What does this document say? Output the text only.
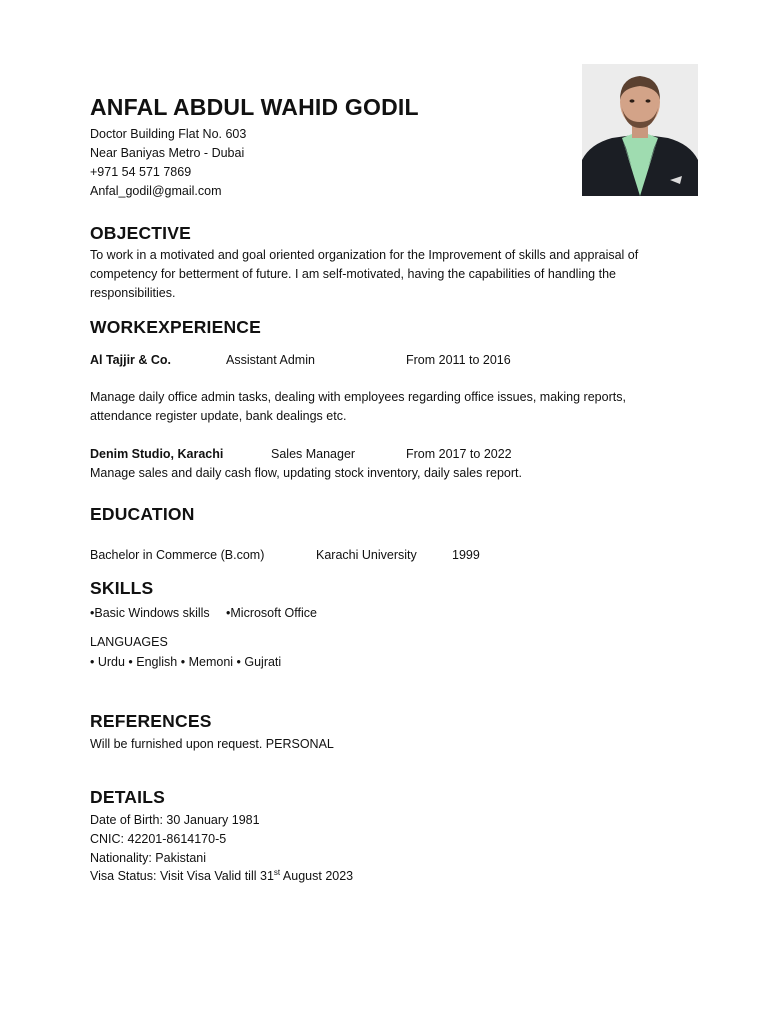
ANFAL ABDUL WAHID GODIL
Doctor Building Flat No. 603
Near Baniyas Metro - Dubai
+971 54 571 7869
Anfal_godil@gmail.com
OBJECTIVE
To work in a motivated and goal oriented organization for the Improvement of skills and appraisal of competency for betterment of future. I am self-motivated, having the capabilities of handling the responsibilities.
WORKEXPERIENCE
Al Tajjir & Co.	Assistant Admin	From 2011 to 2016
Manage daily office admin tasks, dealing with employees regarding office issues, making reports, attendance register update, bank dealings etc.
Denim Studio, Karachi	Sales Manager	From 2017 to 2022
Manage sales and daily cash flow, updating stock inventory, daily sales report.
EDUCATION
Bachelor in Commerce (B.com)	Karachi University	1999
SKILLS
•Basic Windows skills •Microsoft Office
LANGUAGES
• Urdu • English • Memoni • Gujrati
REFERENCES
Will be furnished upon request. PERSONAL
DETAILS
Date of Birth: 30 January 1981
CNIC: 42201-8614170-5
Nationality: Pakistani
Visa Status: Visit Visa Valid till 31st August 2023
